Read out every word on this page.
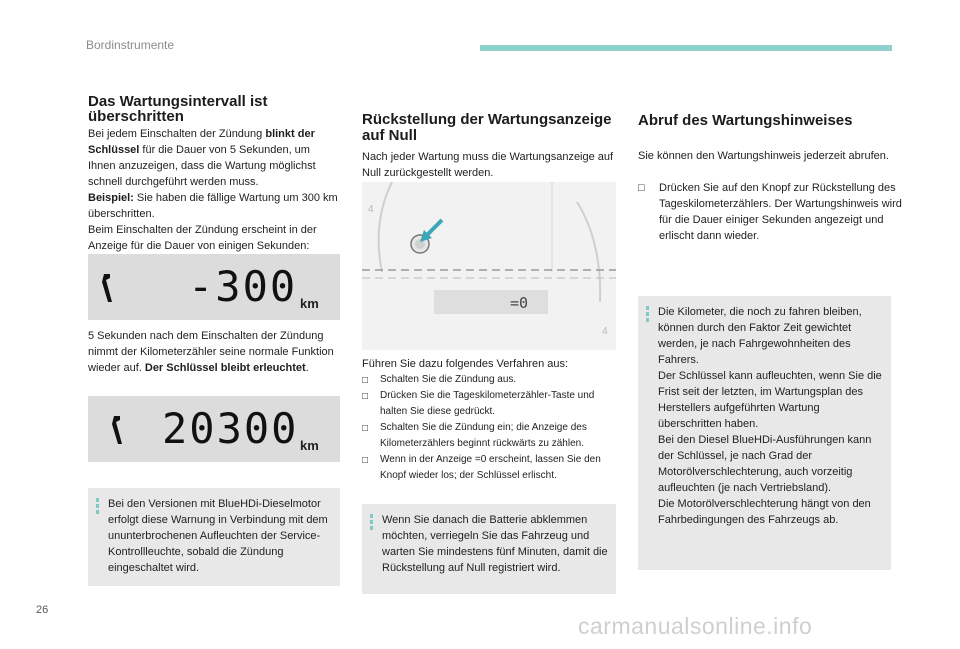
Bordinstrumente
Das Wartungsintervall ist überschritten

Bei jedem Einschalten der Zündung blinkt der Schlüssel für die Dauer von 5 Sekunden, um Ihnen anzuzeigen, dass die Wartung möglichst schnell durchgeführt werden muss.
Beispiel: Sie haben die fällige Wartung um 300 km überschritten.
Beim Einschalten der Zündung erscheint in der Anzeige für die Dauer von einigen Sekunden:

-300 km

5 Sekunden nach dem Einschalten der Zündung nimmt der Kilometerzähler seine normale Funktion wieder auf. Der Schlüssel bleibt erleuchtet.

20300 km
Bei den Versionen mit BlueHDi-Dieselmotor erfolgt diese Warnung in Verbindung mit dem ununterbrochenen Aufleuchten der Service-Kontrollleuchte, sobald die Zündung eingeschaltet wird.
Rückstellung der Wartungsanzeige auf Null

Nach jeder Wartung muss die Wartungsanzeige auf Null zurückgestellt werden.

=0
4
4

Führen Sie dazu folgendes Verfahren aus:

□ Schalten Sie die Zündung aus.
□ Drücken Sie die Tageskilometerzähler-Taste und halten Sie diese gedrückt.
□ Schalten Sie die Zündung ein; die Anzeige des Kilometerzählers beginnt rückwärts zu zählen.
□ Wenn in der Anzeige =0 erscheint, lassen Sie den Knopf wieder los; der Schlüssel erlischt.
Wenn Sie danach die Batterie abklemmen möchten, verriegeln Sie das Fahrzeug und warten Sie mindestens fünf Minuten, damit die Rückstellung auf Null registriert wird.
Abruf des Wartungshinweises

Sie können den Wartungshinweis jederzeit abrufen.

□ Drücken Sie auf den Knopf zur Rückstellung des Tageskilometerzählers. Der Wartungshinweis wird für die Dauer einiger Sekunden angezeigt und erlischt dann wieder.
Die Kilometer, die noch zu fahren bleiben, können durch den Faktor Zeit gewichtet werden, je nach Fahrgewohnheiten des Fahrers.
Der Schlüssel kann aufleuchten, wenn Sie die Frist seit der letzten, im Wartungsplan des Herstellers aufgeführten Wartung überschritten haben.
Bei den Diesel BlueHDi-Ausführungen kann der Schlüssel, je nach Grad der Motorölverschlechterung, auch vorzeitig aufleuchten (je nach Vertriebsland).
Die Motorölverschlechterung hängt von den Fahrbedingungen des Fahrzeugs ab.
26
carmanualsonline.info
